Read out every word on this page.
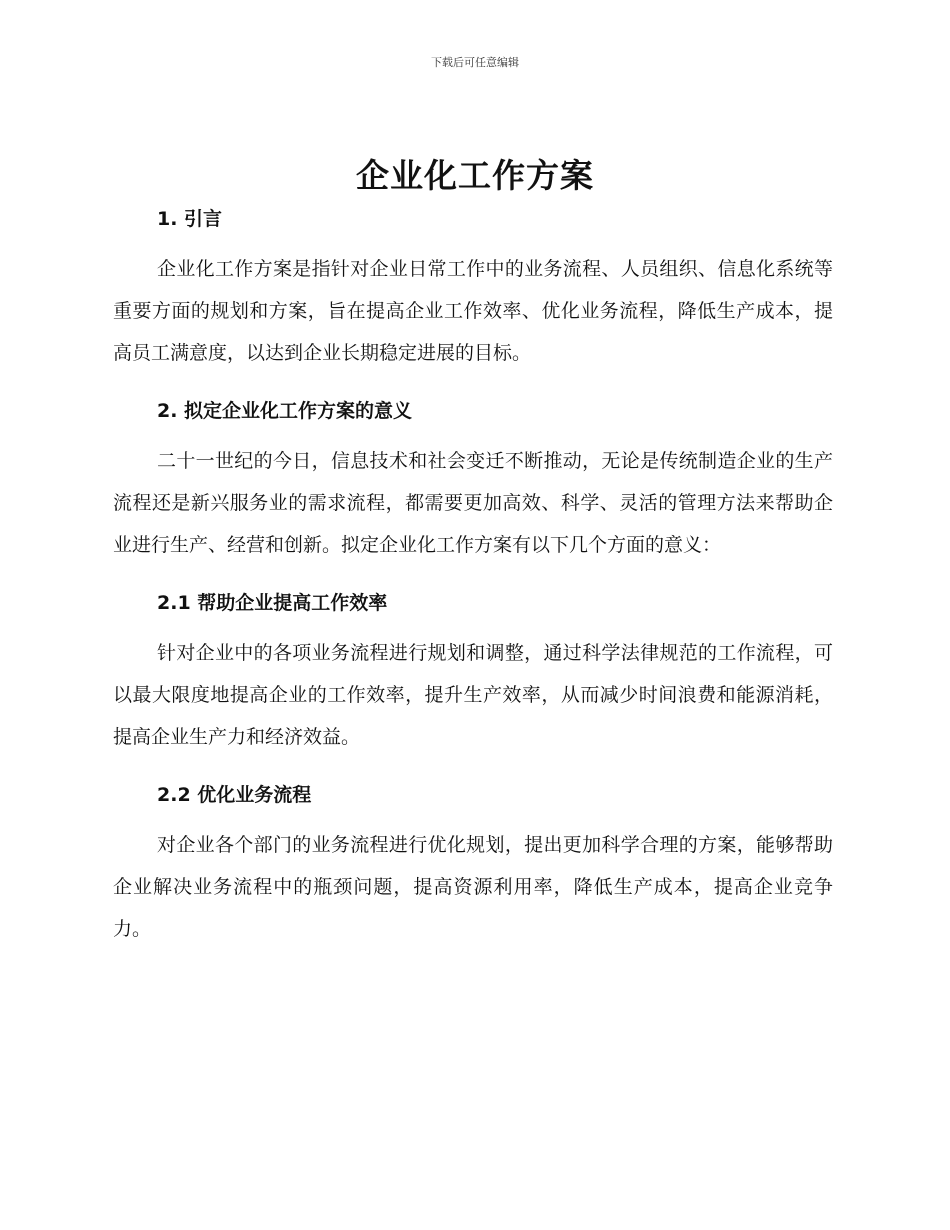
下载后可任意编辑
企业化工作方案
1. 引言

企业化工作方案是指针对企业日常工作中的业务流程、人员组织、信息化系统等重要方面的规划和方案，旨在提高企业工作效率、优化业务流程，降低生产成本，提高员工满意度，以达到企业长期稳定进展的目标。

2. 拟定企业化工作方案的意义

二十一世纪的今日，信息技术和社会变迁不断推动，无论是传统制造企业的生产流程还是新兴服务业的需求流程，都需要更加高效、科学、灵活的管理方法来帮助企业进行生产、经营和创新。拟定企业化工作方案有以下几个方面的意义：

2.1 帮助企业提高工作效率

针对企业中的各项业务流程进行规划和调整，通过科学法律规范的工作流程，可以最大限度地提高企业的工作效率，提升生产效率，从而减少时间浪费和能源消耗，提高企业生产力和经济效益。

2.2 优化业务流程

对企业各个部门的业务流程进行优化规划，提出更加科学合理的方案，能够帮助企业解决业务流程中的瓶颈问题，提高资源利用率，降低生产成本，提高企业竞争力。
